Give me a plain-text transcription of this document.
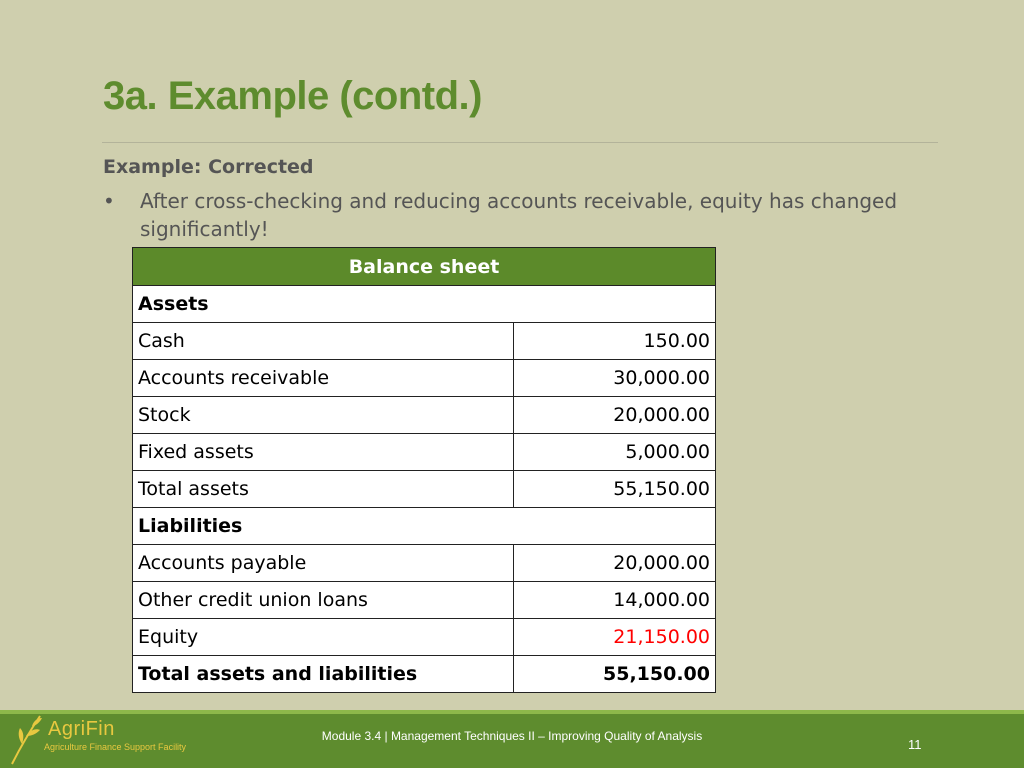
3a. Example (contd.)
Example: Corrected
• After cross-checking and reducing accounts receivable, equity has changed significantly!
Balance sheet	
Assets	
Cash	150.00
Accounts receivable	30,000.00
Stock	20,000.00
Fixed assets	5,000.00
Total assets	55,150.00
Liabilities	
Accounts payable	20,000.00
Other credit union loans	14,000.00
Equity	21,150.00
Total assets and liabilities	55,150.00
AgriFin
Agriculture Finance Support Facility
Module 3.4 | Management Techniques II – Improving Quality of Analysis
11
